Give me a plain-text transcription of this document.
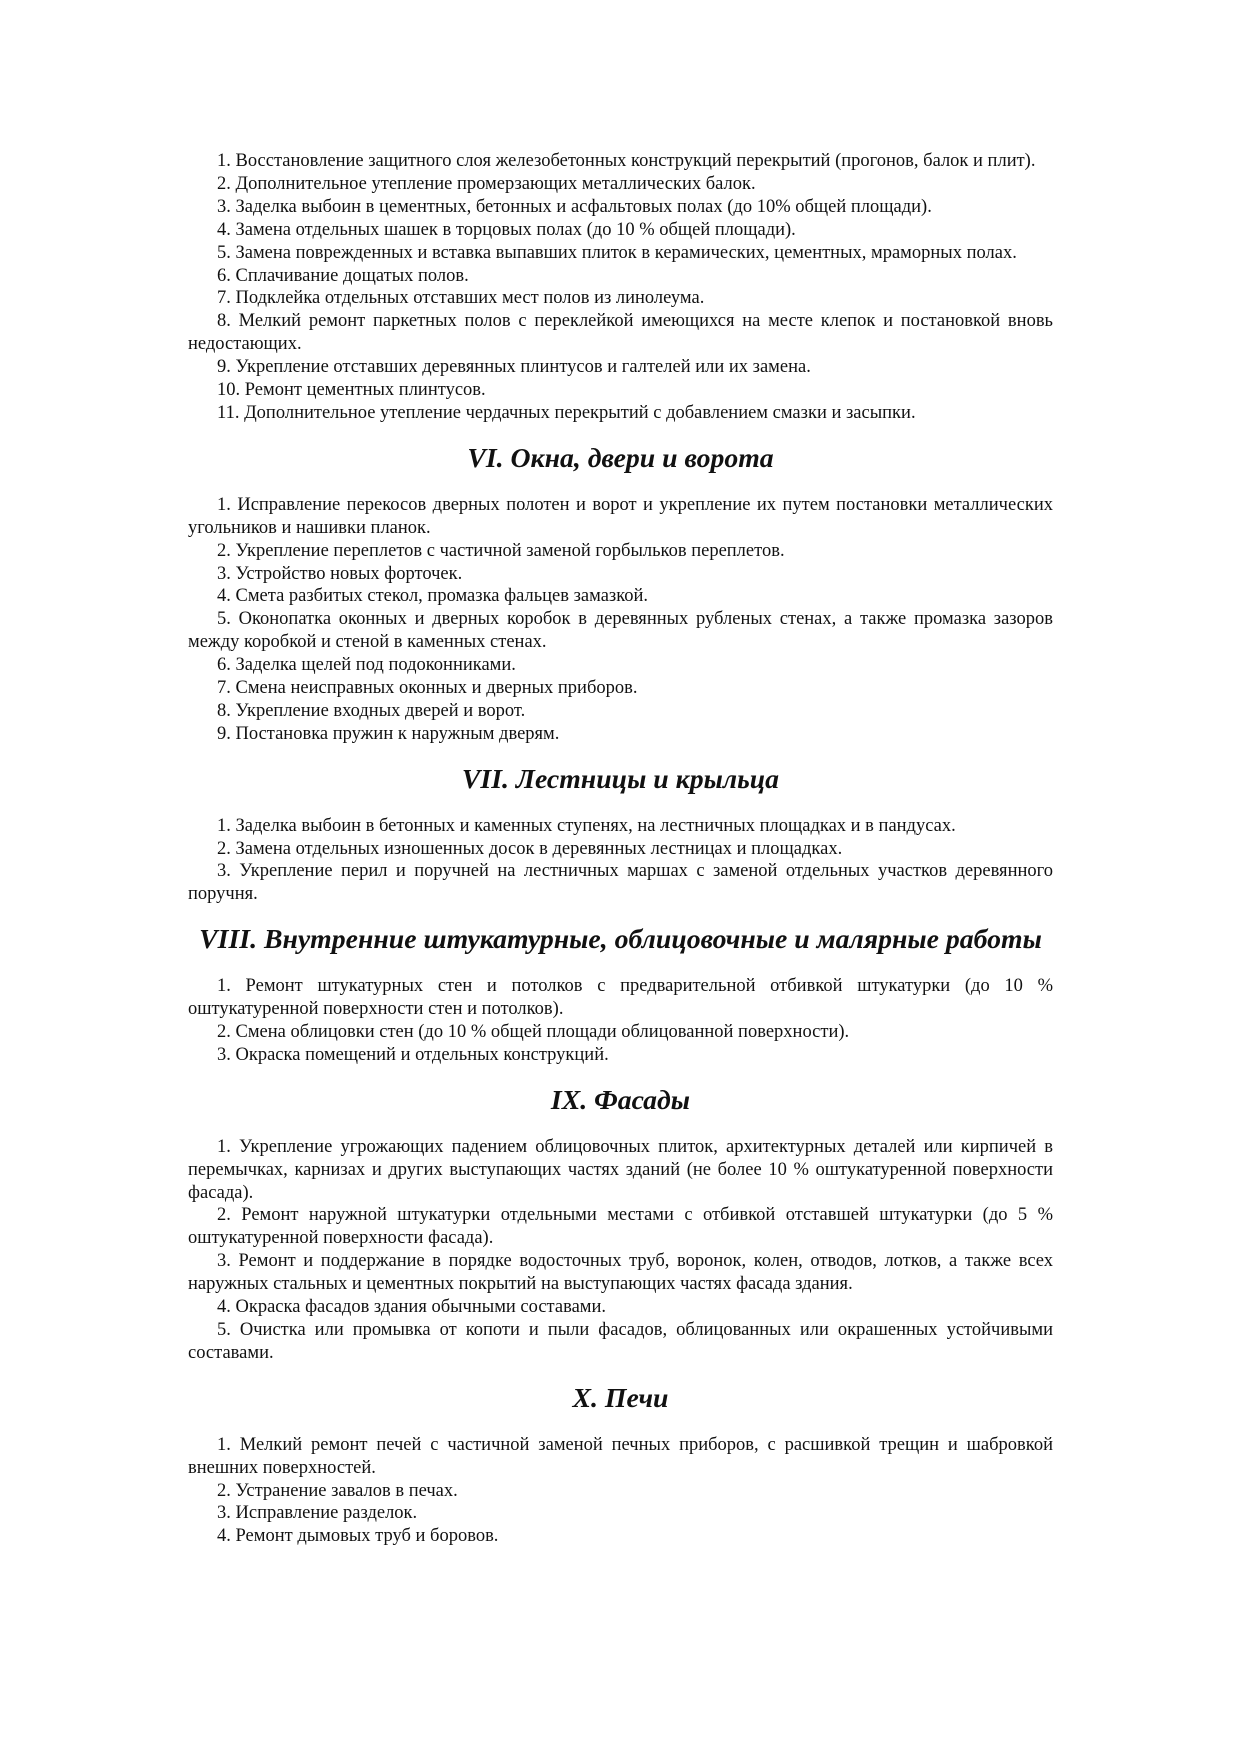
1. Восстановление защитного слоя железобетонных конструкций перекрытий (прогонов, балок и плит).

2. Дополнительное утепление промерзающих металлических балок.

3. Заделка выбоин в цементных, бетонных и асфальтовых полах (до 10% общей площади).

4. Замена отдельных шашек в торцовых полах (до 10 % общей площади).

5. Замена поврежденных и вставка выпавших плиток в керамических, цементных, мраморных полах.

6. Сплачивание дощатых полов.

7. Подклейка отдельных отставших мест полов из линолеума.

8. Мелкий ремонт паркетных полов с переклейкой имеющихся на месте клепок и постановкой вновь недостающих.

9. Укрепление отставших деревянных плинтусов и галтелей или их замена.

10. Ремонт цементных плинтусов.

11. Дополнительное утепление чердачных перекрытий с добавлением смазки и засыпки.

VI. Окна, двери и ворота

1. Исправление перекосов дверных полотен и ворот и укрепление их путем постановки металлических угольников и нашивки планок.

2. Укрепление переплетов с частичной заменой горбыльков переплетов.

3. Устройство новых форточек.

4. Смета разбитых стекол, промазка фальцев замазкой.

5. Оконопатка оконных и дверных коробок в деревянных рубленых стенах, а также промазка зазоров между коробкой и стеной в каменных стенах.

6. Заделка щелей под подоконниками.

7. Смена неисправных оконных и дверных приборов.

8. Укрепление входных дверей и ворот.

9. Постановка пружин к наружным дверям.

VII. Лестницы и крыльца

1. Заделка выбоин в бетонных и каменных ступенях, на лестничных площадках и в пандусах.

2. Замена отдельных изношенных досок в деревянных лестницах и площадках.

3. Укрепление перил и поручней на лестничных маршах с заменой отдельных участков деревянного поручня.

VIII. Внутренние штукатурные, облицовочные и малярные работы

1. Ремонт штукатурных стен и потолков с предварительной отбивкой штукатурки (до 10 % оштукатуренной поверхности стен и потолков).

2. Смена облицовки стен (до 10 % общей площади облицованной поверхности).

3. Окраска помещений и отдельных конструкций.

IX. Фасады

1. Укрепление угрожающих падением облицовочных плиток, архитектурных деталей или кирпичей в перемычках, карнизах и других выступающих частях зданий (не более 10 % оштукатуренной поверхности фасада).

2. Ремонт наружной штукатурки отдельными местами с отбивкой отставшей штукатурки (до 5 % оштукатуренной поверхности фасада).

3. Ремонт и поддержание в порядке водосточных труб, воронок, колен, отводов, лотков, а также всех наружных стальных и цементных покрытий на выступающих частях фасада здания.

4. Окраска фасадов здания обычными составами.

5. Очистка или промывка от копоти и пыли фасадов, облицованных или окрашенных устойчивыми составами.

X. Печи

1. Мелкий ремонт печей с частичной заменой печных приборов, с расшивкой трещин и шабровкой внешних поверхностей.

2. Устранение завалов в печах.

3. Исправление разделок.

4. Ремонт дымовых труб и боровов.
